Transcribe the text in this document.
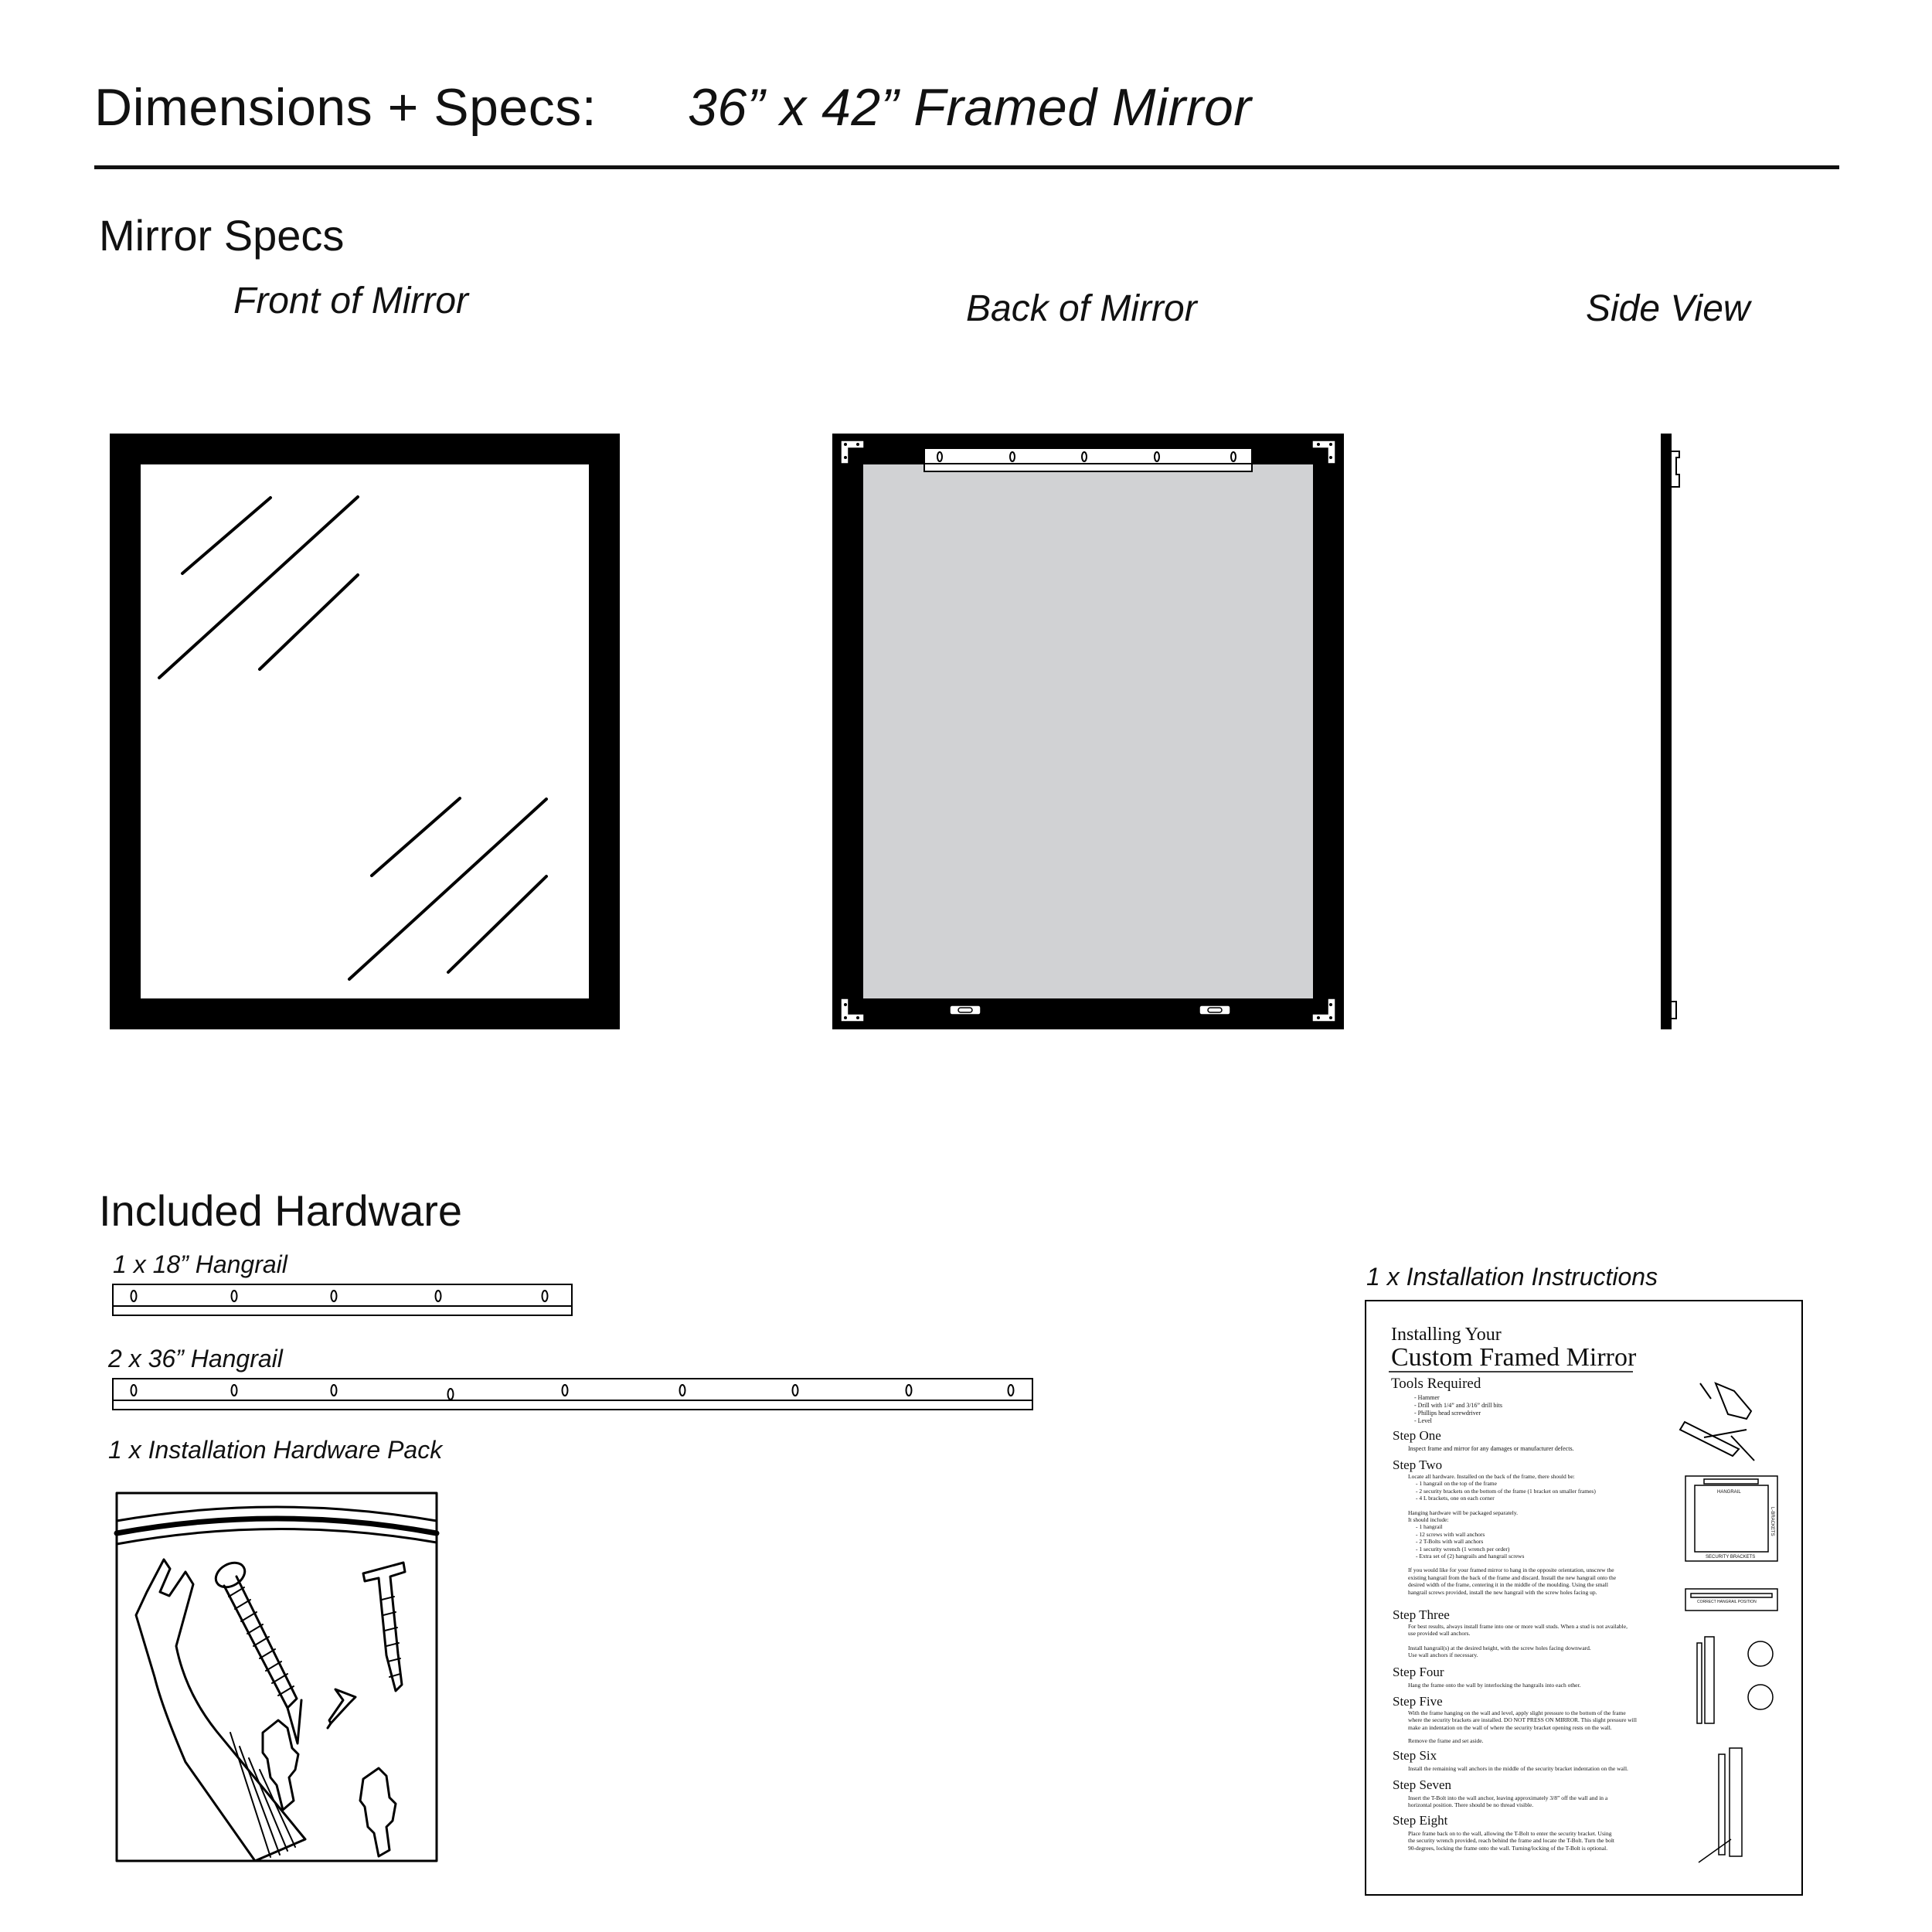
Dimensions + Specs: 36” x 42” Framed Mirror
Mirror Specs
Front of Mirror	Back of Mirror	Side View
Included Hardware
1 x 18” Hangrail
2 x 36” Hangrail
1 x Installation Hardware Pack
1 x Installation Instructions
Installing Your
Custom Framed Mirror
Tools Required
- Hammer
- Drill with 1/4” and 3/16” drill bits
- Phillips head screwdriver
- Level
Step One
Inspect frame and mirror for any damages or manufacturer defects.
Step Two
Locate all hardware. Installed on the back of the frame, there should be:
- 1 hangrail on the top of the frame
- 2 security brackets on the bottom of the frame (1 bracket on smaller frames)
- 4 L brackets, one on each corner
Hanging hardware will be packaged separately.
It should include:
- 1 hangrail
- 12 screws with wall anchors
- 2 T-Bolts with wall anchors
- 1 security wrench (1 wrench per order)
- Extra set of (2) hangrails and hangrail screws
If you would like for your framed mirror to hang in the opposite orientation, unscrew the
existing hangrail from the back of the frame and discard. Install the new hangrail onto the
desired width of the frame, centering it in the middle of the moulding. Using the small
hangrail screws provided, install the new hangrail with the screw holes facing up.
Step Three
For best results, always install frame into one or more wall studs. When a stud is not available,
use provided wall anchors.
Install hangrail(s) at the desired height, with the screw holes facing downward.
Use wall anchors if necessary.
Step Four
Hang the frame onto the wall by interlocking the hangrails into each other.
Step Five
With the frame hanging on the wall and level, apply slight pressure to the bottom of the frame
where the security brackets are installed. DO NOT PRESS ON MIRROR. This slight pressure will
make an indentation on the wall of where the security bracket opening rests on the wall.
Remove the frame and set aside.
Step Six
Install the remaining wall anchors in the middle of the security bracket indentation on the wall.
Step Seven
Insert the T-Bolt into the wall anchor, leaving approximately 3/8” off the wall and in a
horizontal position. There should be no thread visible.
Step Eight
Place frame back on to the wall, allowing the T-Bolt to enter the security bracket. Using
the security wrench provided, reach behind the frame and locate the T-Bolt. Turn the bolt
90-degrees, locking the frame onto the wall. Turning/locking of the T-Bolt is optional.
HANGRAIL
L-BRACKETS
SECURITY BRACKETS
CORRECT HANGRAIL POSITION
